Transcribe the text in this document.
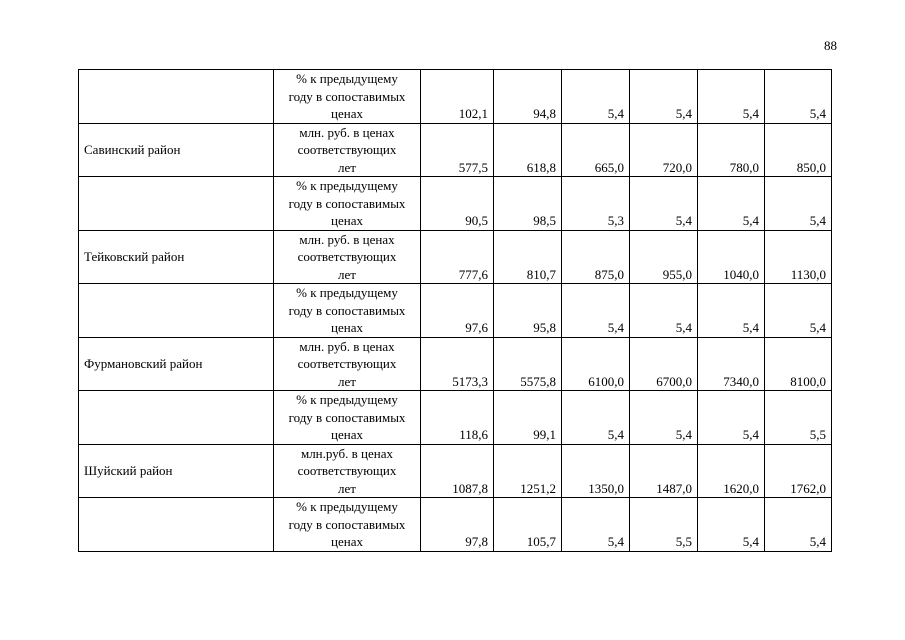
88

	% к предыдущему
году в сопоставимых
ценах	102,1	94,8	5,4	5,4	5,4	5,4
Савинский район	млн. руб. в ценах
соответствующих
лет	577,5	618,8	665,0	720,0	780,0	850,0

	% к предыдущему
году в сопоставимых
ценах	90,5	98,5	5,3	5,4	5,4	5,4
Тейковский район	млн. руб. в ценах
соответствующих
лет	777,6	810,7	875,0	955,0	1040,0	1130,0

	% к предыдущему
году в сопоставимых
ценах	97,6	95,8	5,4	5,4	5,4	5,4
Фурмановский район	млн. руб. в ценах
соответствующих
лет	5173,3	5575,8	6100,0	6700,0	7340,0	8100,0

	% к предыдущему
году в сопоставимых
ценах	118,6	99,1	5,4	5,4	5,4	5,5
Шуйский район	млн.руб. в ценах
соответствующих
лет	1087,8	1251,2	1350,0	1487,0	1620,0	1762,0

	% к предыдущему
году в сопоставимых
ценах	97,8	105,7	5,4	5,5	5,4	5,4
